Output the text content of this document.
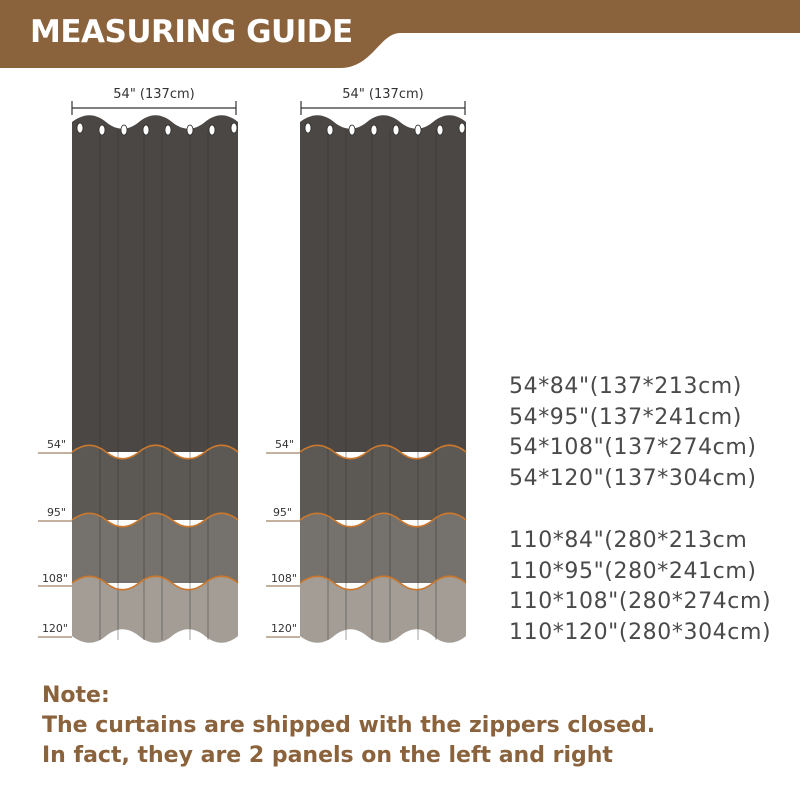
MEASURING GUIDE
54" (137cm)
54"
95"
108"
120"
54" (137cm)
54"
95"
108"
120"
54*84"(137*213cm)
54*95"(137*241cm)
54*108"(137*274cm)
54*120"(137*304cm)
110*84"(280*213cm
110*95"(280*241cm)
110*108"(280*274cm)
110*120"(280*304cm)
Note:
The curtains are shipped with the zippers closed.
In fact, they are 2 panels on the left and right
